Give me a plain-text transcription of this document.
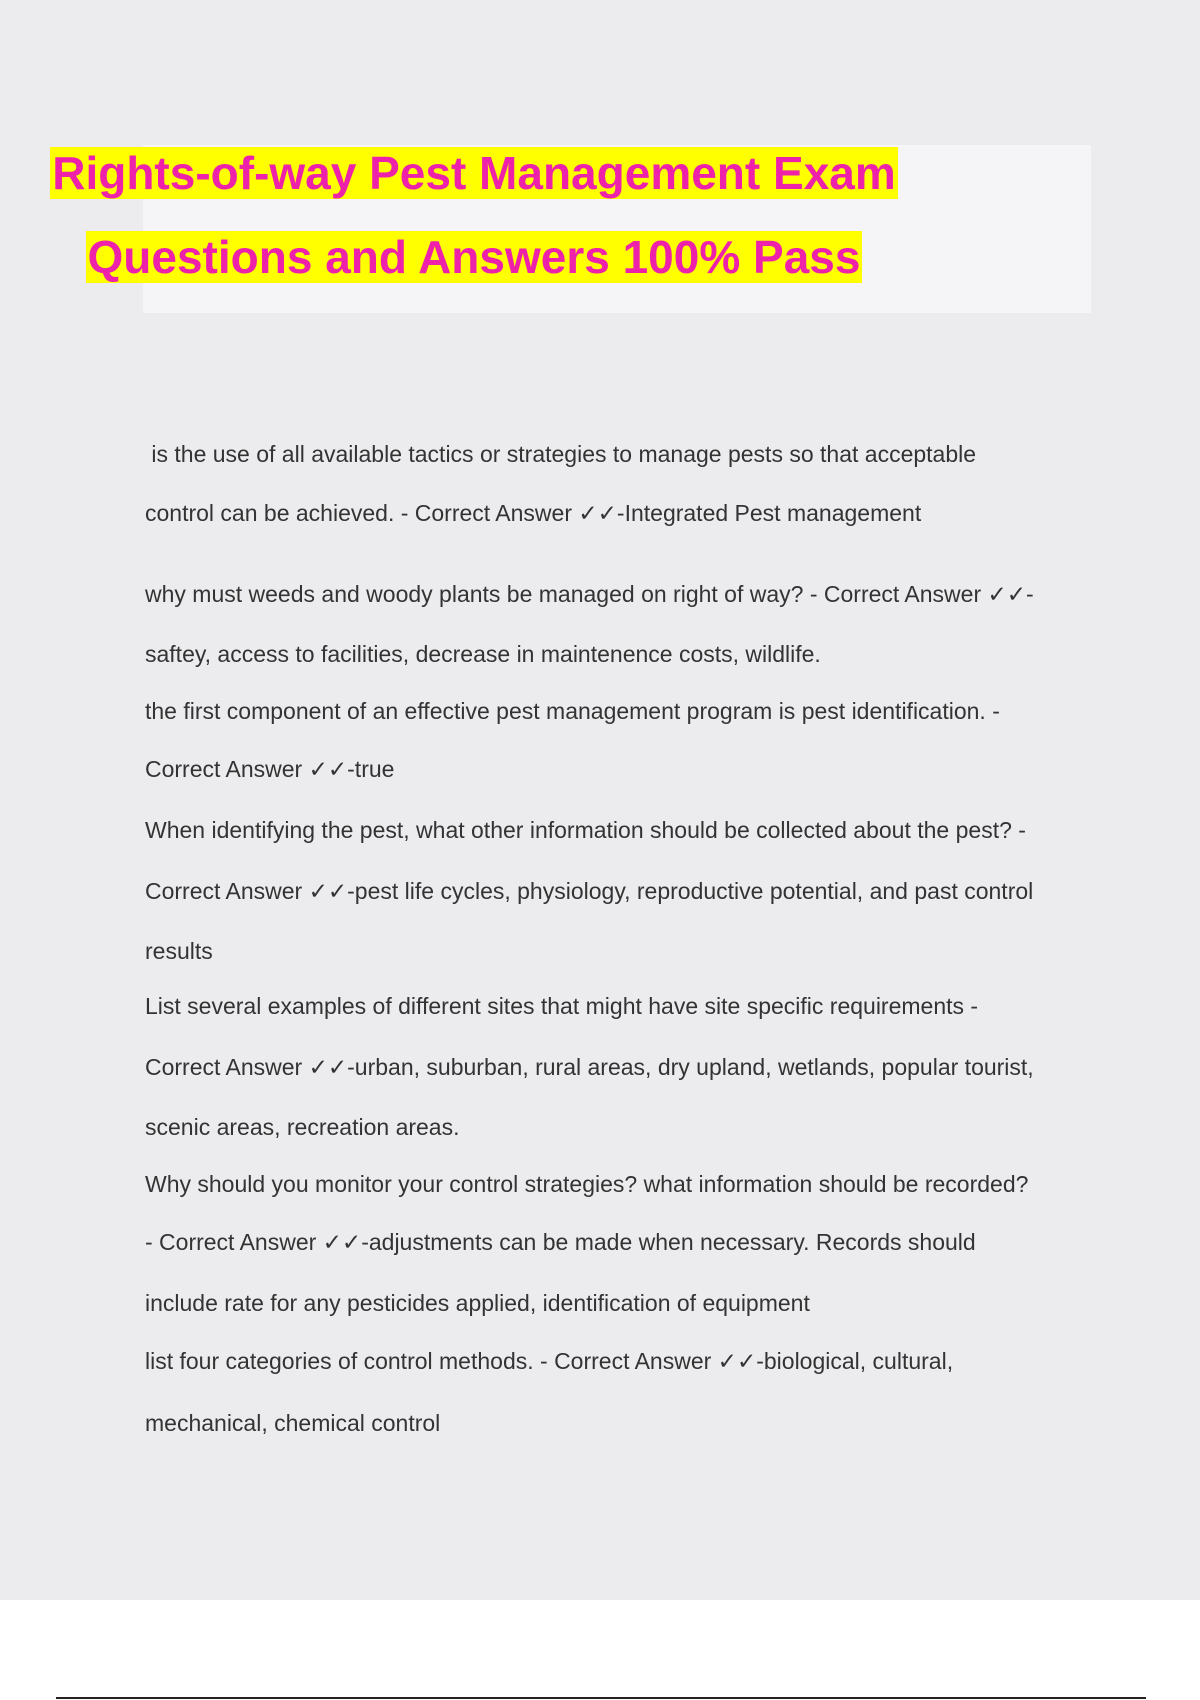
Rights-of-way Pest Management Exam
Questions and Answers 100% Pass
is the use of all available tactics or strategies to manage pests so that acceptable
control can be achieved. - Correct Answer ✓✓-Integrated Pest management
why must weeds and woody plants be managed on right of way? - Correct Answer ✓✓-
saftey, access to facilities, decrease in maintenence costs, wildlife.
the first component of an effective pest management program is pest identification. -
Correct Answer ✓✓-true
When identifying the pest, what other information should be collected about the pest? -
Correct Answer ✓✓-pest life cycles, physiology, reproductive potential, and past control
results
List several examples of different sites that might have site specific requirements -
Correct Answer ✓✓-urban, suburban, rural areas, dry upland, wetlands, popular tourist,
scenic areas, recreation areas.
Why should you monitor your control strategies? what information should be recorded?
- Correct Answer ✓✓-adjustments can be made when necessary. Records should
include rate for any pesticides applied, identification of equipment
list four categories of control methods. - Correct Answer ✓✓-biological, cultural,
mechanical, chemical control
